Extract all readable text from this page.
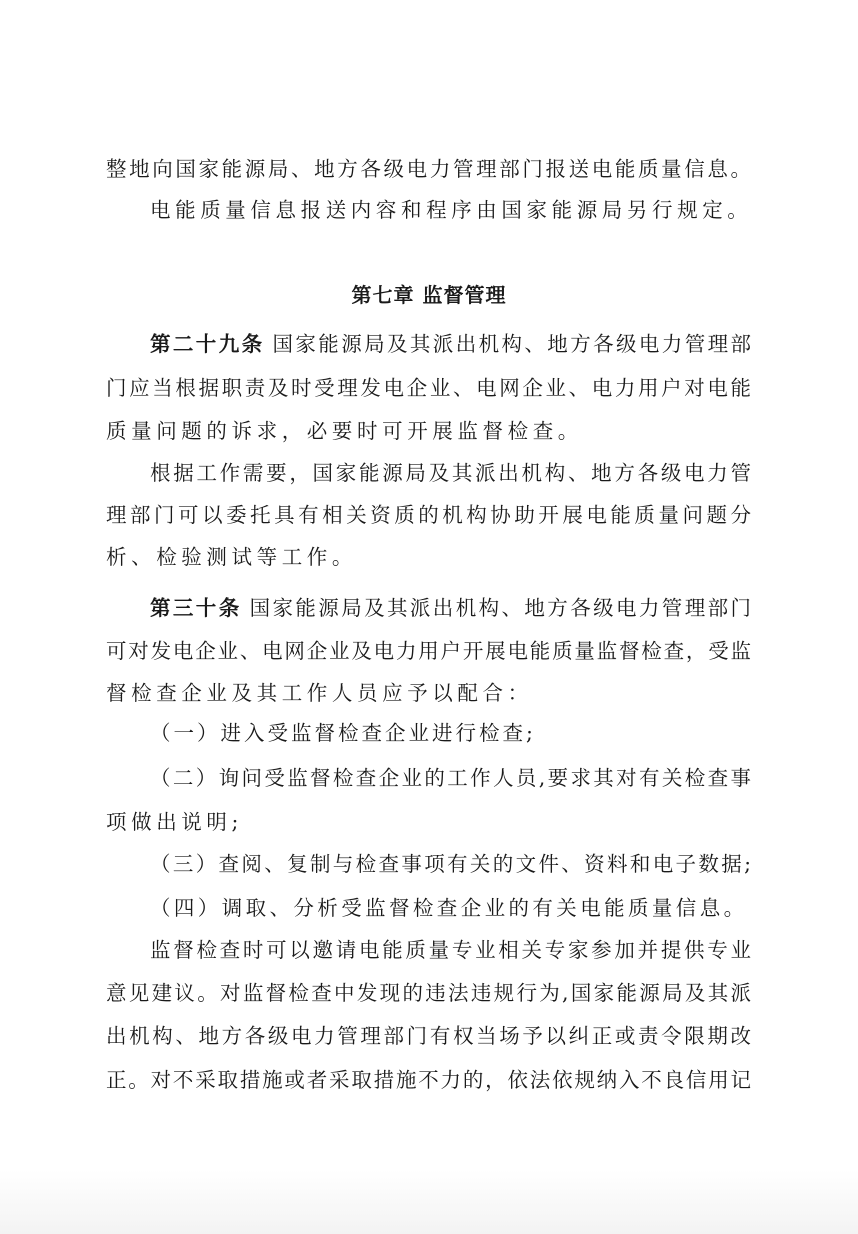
整地向国家能源局、地方各级电力管理部门报送电能质量信息。
电能质量信息报送内容和程序由国家能源局另行规定。
第七章 监督管理
第二十九条 国家能源局及其派出机构、地方各级电力管理部
门应当根据职责及时受理发电企业、电网企业、电力用户对电能
质量问题的诉求，必要时可开展监督检查。
根据工作需要，国家能源局及其派出机构、地方各级电力管
理部门可以委托具有相关资质的机构协助开展电能质量问题分
析、检验测试等工作。
第三十条 国家能源局及其派出机构、地方各级电力管理部门
可对发电企业、电网企业及电力用户开展电能质量监督检查，受监
督检查企业及其工作人员应予以配合：
（一）进入受监督检查企业进行检查;
（二）询问受监督检查企业的工作人员,要求其对有关检查事
项做出说明;
（三）查阅、复制与检查事项有关的文件、资料和电子数据;
（四）调取、分析受监督检查企业的有关电能质量信息。
监督检查时可以邀请电能质量专业相关专家参加并提供专业
意见建议。对监督检查中发现的违法违规行为,国家能源局及其派
出机构、地方各级电力管理部门有权当场予以纠正或责令限期改
正。对不采取措施或者采取措施不力的，依法依规纳入不良信用记
